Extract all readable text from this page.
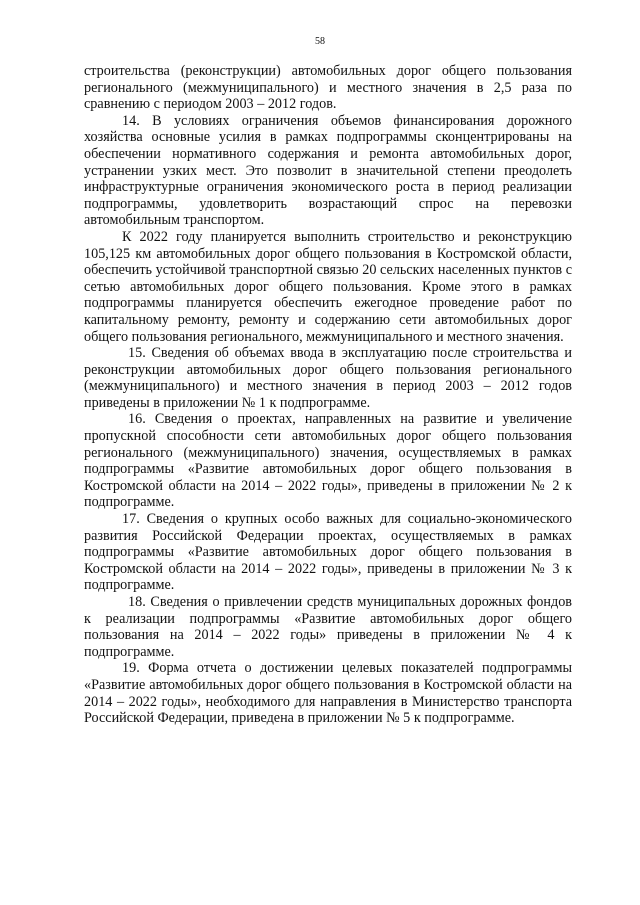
58

строительства (реконструкции) автомобильных дорог общего пользования регионального (межмуниципального) и местного значения в 2,5 раза по сравнению с периодом 2003 – 2012 годов.

14. В условиях ограничения объемов финансирования дорожного хозяйства основные усилия в рамках подпрограммы сконцентрированы на обеспечении нормативного содержания и ремонта автомобильных дорог, устранении узких мест. Это позволит в значительной степени преодолеть инфраструктурные ограничения экономического роста в период реализации подпрограммы, удовлетворить возрастающий спрос на перевозки автомобильным транспортом.

К 2022 году планируется выполнить строительство и реконструкцию 105,125 км автомобильных дорог общего пользования в Костромской области, обеспечить устойчивой транспортной связью 20 сельских населенных пунктов с сетью автомобильных дорог общего пользования. Кроме этого в рамках подпрограммы планируется обеспечить ежегодное проведение работ по капитальному ремонту, ремонту и содержанию сети автомобильных дорог общего пользования регионального, межмуниципального и местного значения.

15. Сведения об объемах ввода в эксплуатацию после строительства и реконструкции автомобильных дорог общего пользования регионального (межмуниципального) и местного значения в период 2003 – 2012 годов приведены в приложении № 1 к подпрограмме.

16. Сведения о проектах, направленных на развитие и увеличение пропускной способности сети автомобильных дорог общего пользования регионального (межмуниципального) значения, осуществляемых в рамках подпрограммы «Развитие автомобильных дорог общего пользования в Костромской области на 2014 – 2022 годы», приведены в приложении № 2 к подпрограмме.

17. Сведения о крупных особо важных для социально-экономического развития Российской Федерации проектах, осуществляемых в рамках подпрограммы «Развитие автомобильных дорог общего пользования в Костромской области на 2014 – 2022 годы», приведены в приложении № 3 к подпрограмме.

18. Сведения о привлечении средств муниципальных дорожных фондов к реализации подпрограммы «Развитие автомобильных дорог общего пользования на 2014 – 2022 годы» приведены в приложении № 4 к подпрограмме.

19. Форма отчета о достижении целевых показателей подпрограммы «Развитие автомобильных дорог общего пользования в Костромской области на 2014 – 2022 годы», необходимого для направления в Министерство транспорта Российской Федерации, приведена в приложении № 5 к подпрограмме.
